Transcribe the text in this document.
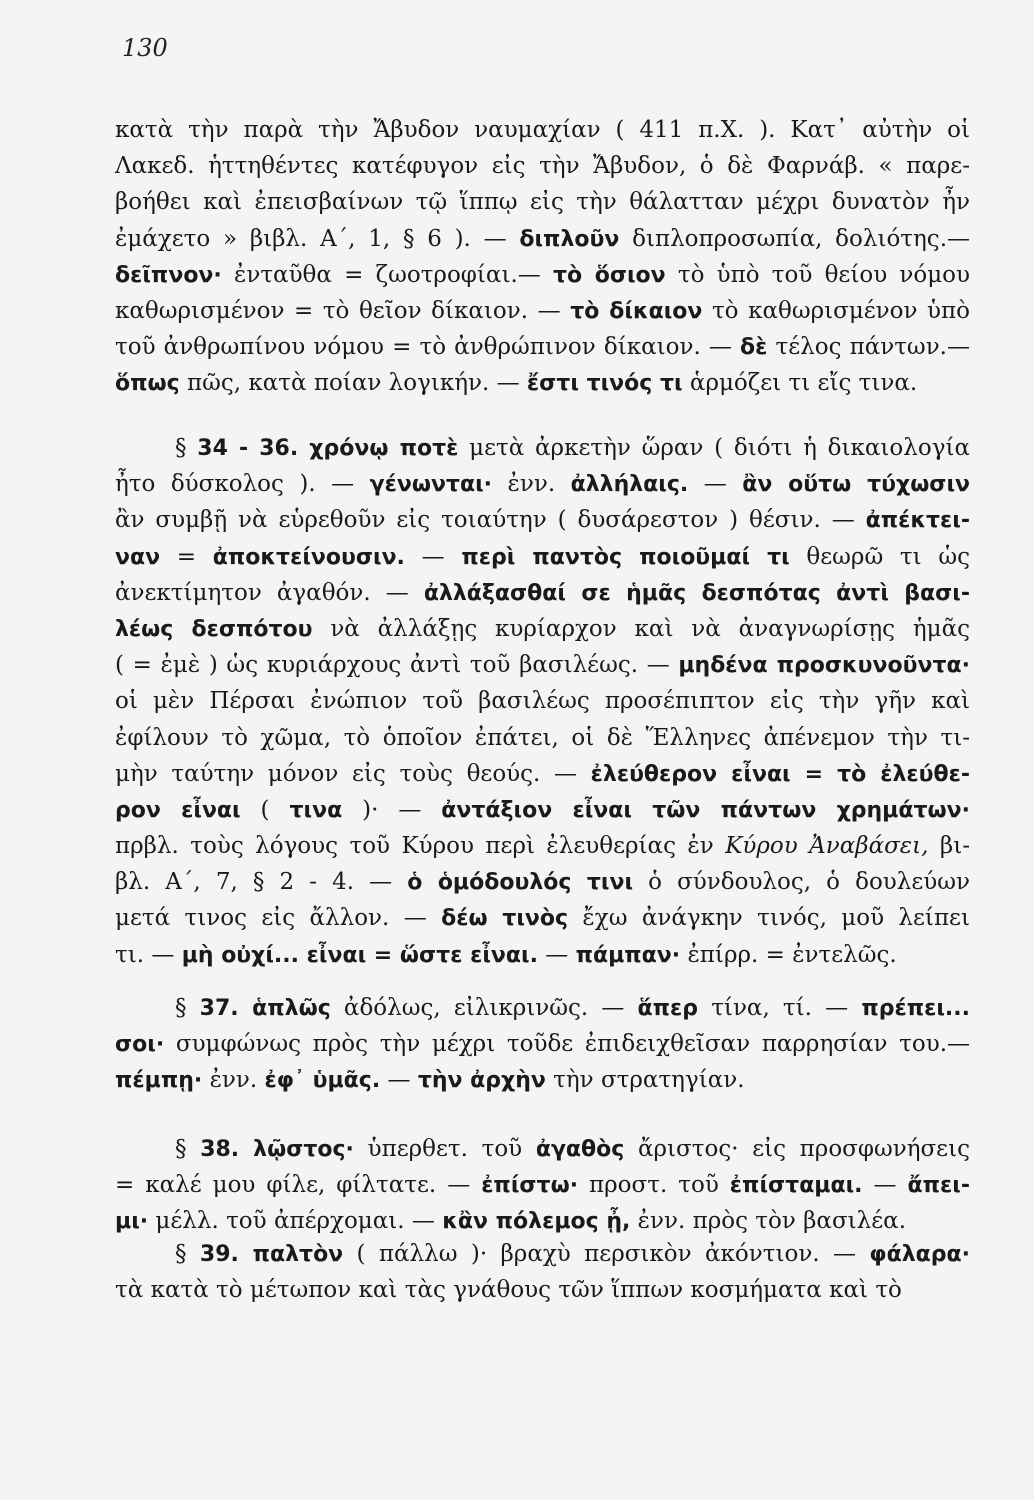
130
κατὰ τὴν παρὰ τὴν Ἄβυδον ναυμαχίαν ( 411 π.Χ. ). Κατ᾽ αὐτὴν οἱ
Λακεδ. ἡττηθέντες κατέφυγον εἰς τὴν Ἄβυδον, ὁ δὲ Φαρνάβ. « παρε-
βοήθει καὶ ἐπεισβαίνων τῷ ἵππῳ εἰς τὴν θάλατταν μέχρι δυνατὸν ἦν
ἐμάχετο » βιβλ. Α΄, 1, § 6 ). — διπλοῦν διπλοπροσωπία, δολιότης.—
δεῖπνον· ἐνταῦθα = ζωοτροφίαι.— τὸ ὅσιον τὸ ὑπὸ τοῦ θείου νόμου
καθωρισμένον = τὸ θεῖον δίκαιον. — τὸ δίκαιον τὸ καθωρισμένον ὑπὸ
τοῦ ἀνθρωπίνου νόμου = τὸ ἀνθρώπινον δίκαιον. — δὲ τέλος πάντων.—
ὅπως πῶς, κατὰ ποίαν λογικήν. — ἔστι τινός τι ἁρμόζει τι εἴς τινα.
§ 34 - 36. χρόνῳ ποτὲ μετὰ ἀρκετὴν ὥραν ( διότι ἡ δικαιολογία
ἦτο δύσκολος ). — γένωνται· ἐνν. ἀλλήλαις. — ἂν οὕτω τύχωσιν
ἂν συμβῇ νὰ εὑρεθοῦν εἰς τοιαύτην ( δυσάρεστον ) θέσιν. — ἀπέκτει-
ναν = ἀποκτείνουσιν. — περὶ παντὸς ποιοῦμαί τι θεωρῶ τι ὡς
ἀνεκτίμητον ἀγαθόν. — ἀλλάξασθαί σε ἡμᾶς δεσπότας ἀντὶ βασι-
λέως δεσπότου νὰ ἀλλάξῃς κυρίαρχον καὶ νὰ ἀναγνωρίσῃς ἡμᾶς
( = ἐμὲ ) ὡς κυριάρχους ἀντὶ τοῦ βασιλέως. — μηδένα προσκυνοῦντα·
οἱ μὲν Πέρσαι ἐνώπιον τοῦ βασιλέως προσέπιπτον εἰς τὴν γῆν καὶ
ἐφίλουν τὸ χῶμα, τὸ ὁποῖον ἐπάτει, οἱ δὲ Ἕλληνες ἀπένεμον τὴν τι-
μὴν ταύτην μόνον εἰς τοὺς θεούς. — ἐλεύθερον εἶναι = τὸ ἐλεύθε-
ρον εἶναι ( τινα )· — ἀντάξιον εἶναι τῶν πάντων χρημάτων·
πρβλ. τοὺς λόγους τοῦ Κύρου περὶ ἐλευθερίας ἐν Κύρου Ἀναβάσει, βι-
βλ. Α΄, 7, § 2 - 4. — ὁ ὁμόδουλός τινι ὁ σύνδουλος, ὁ δουλεύων
μετά τινος εἰς ἄλλον. — δέω τινὸς ἔχω ἀνάγκην τινός, μοῦ λείπει
τι. — μὴ οὐχί... εἶναι = ὥστε εἶναι. — πάμπαν· ἐπίρρ. = ἐντελῶς.
§ 37. ἁπλῶς ἀδόλως, εἰλικρινῶς. — ἅπερ τίνα, τί. — πρέπει...
σοι· συμφώνως πρὸς τὴν μέχρι τοῦδε ἐπιδειχθεῖσαν παρρησίαν του.—
πέμπῃ· ἐνν. ἐφ᾽ ὑμᾶς. — τὴν ἀρχὴν τὴν στρατηγίαν.
§ 38. λῷστος· ὑπερθετ. τοῦ ἀγαθὸς ἄριστος· εἰς προσφωνήσεις
= καλέ μου φίλε, φίλτατε. — ἐπίστω· προστ. τοῦ ἐπίσταμαι. — ἄπει-
μι· μέλλ. τοῦ ἀπέρχομαι. — κἂν πόλεμος ᾖ, ἐνν. πρὸς τὸν βασιλέα.
§ 39. παλτὸν ( πάλλω )· βραχὺ περσικὸν ἀκόντιον. — φάλαρα·
τὰ κατὰ τὸ μέτωπον καὶ τὰς γνάθους τῶν ἵππων κοσμήματα καὶ τὸ
